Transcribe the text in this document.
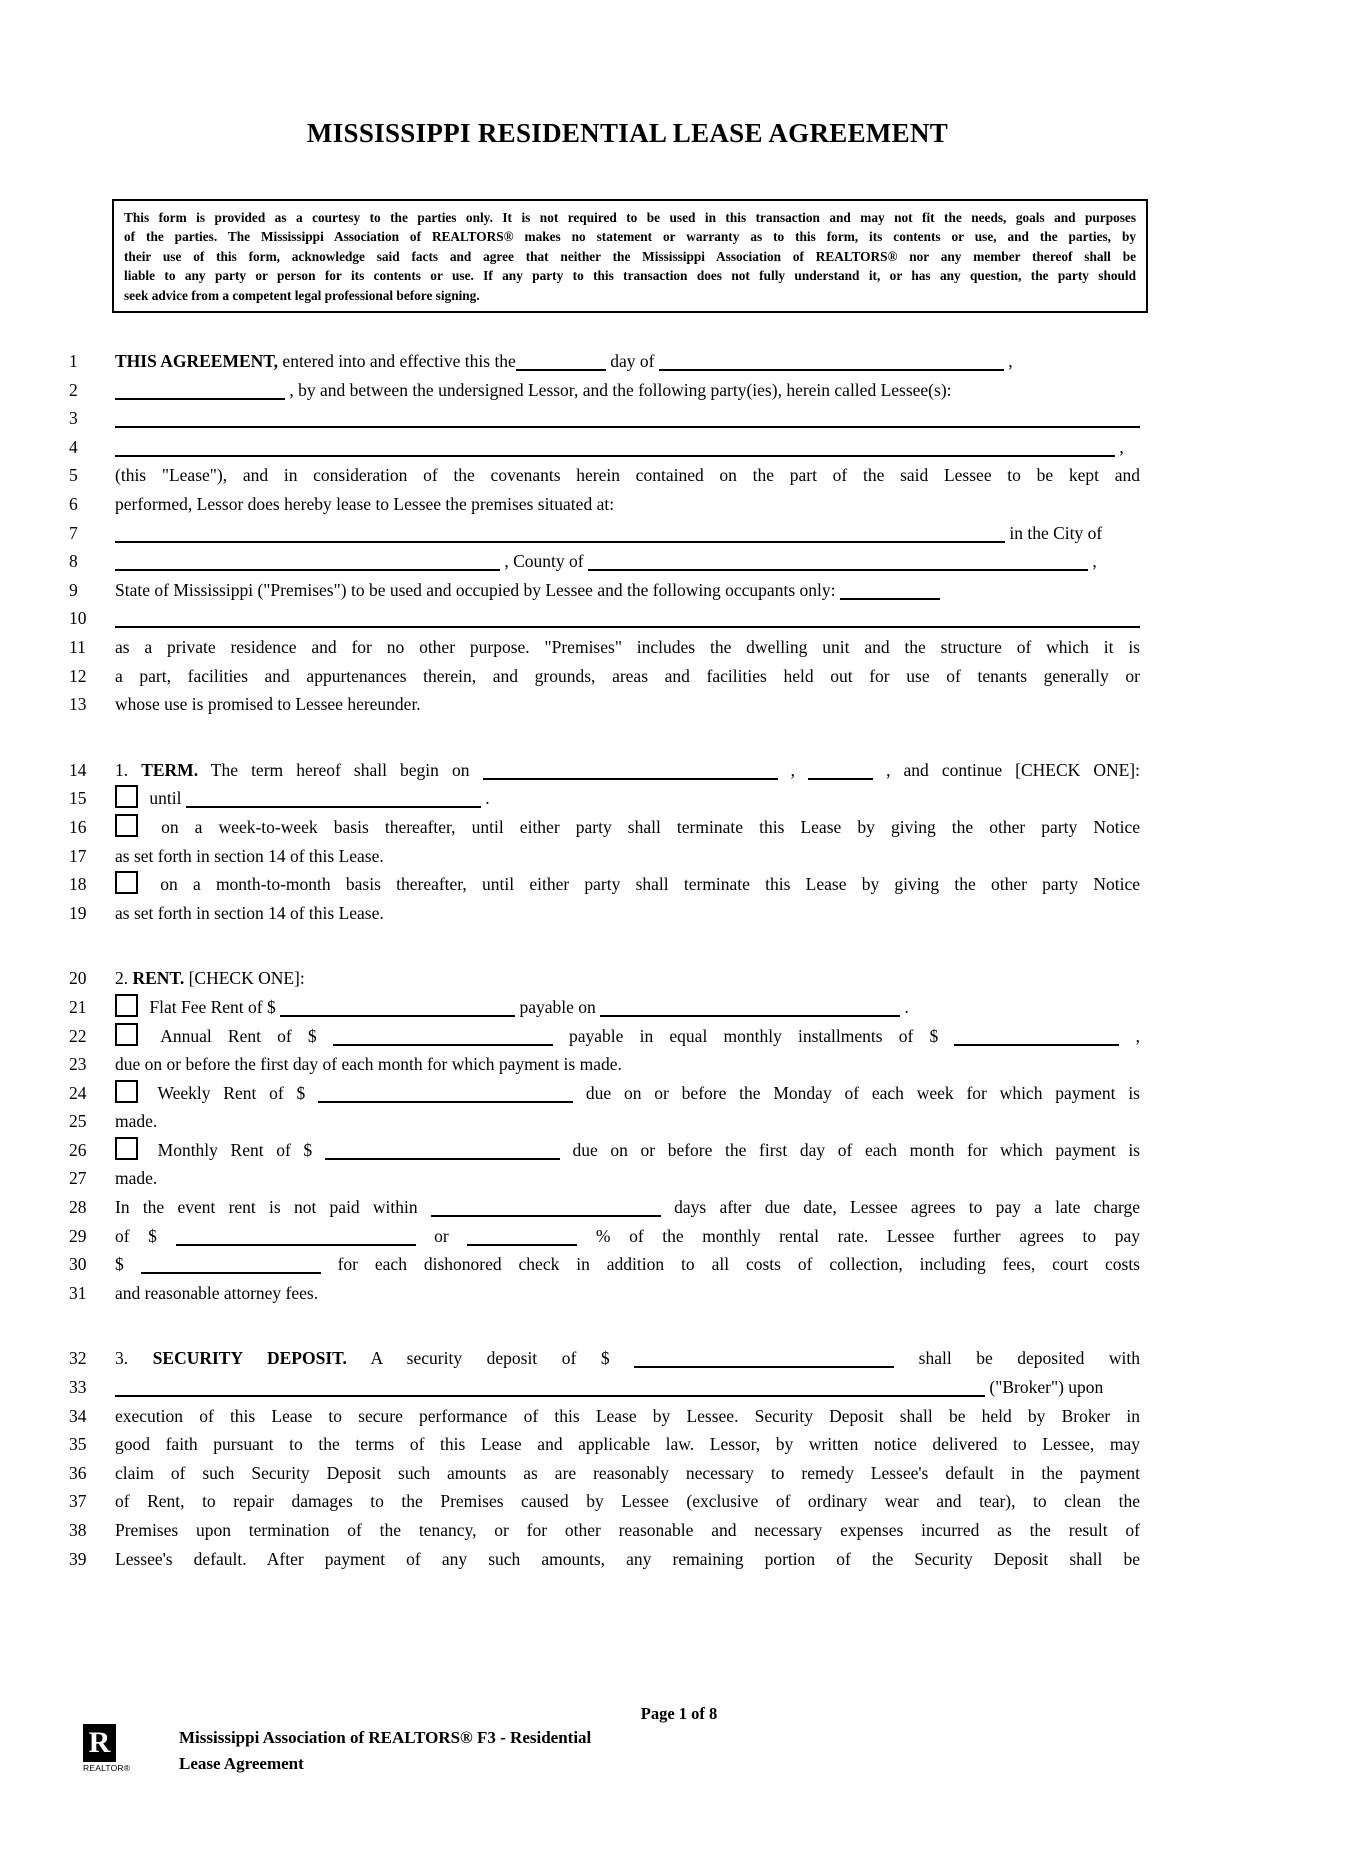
MISSISSIPPI RESIDENTIAL LEASE AGREEMENT
This form is provided as a courtesy to the parties only. It is not required to be used in this transaction and may not fit the needs, goals and purposes
of the parties. The Mississippi Association of REALTORS® makes no statement or warranty as to this form, its contents or use, and the parties, by
their use of this form, acknowledge said facts and agree that neither the Mississippi Association of REALTORS® nor any member thereof shall be
liable to any party or person for its contents or use. If any party to this transaction does not fully understand it, or has any question, the party should
seek advice from a competent legal professional before signing.
1	THIS AGREEMENT, entered into and effective this the	day of	,
2	, by and between the undersigned Lessor, and the following party(ies), herein called Lessee(s):
3
4	,
5	(this "Lease"), and in consideration of the covenants herein contained on the part of the said Lessee to be kept and
6	performed, Lessor does hereby lease to Lessee the premises situated at:
7	in the City of
8	, County of	,
9	State of Mississippi ("Premises") to be used and occupied by Lessee and the following occupants only:
10
11	as a private residence and for no other purpose. "Premises" includes the dwelling unit and the structure of which it is
12	a part, facilities and appurtenances therein, and grounds, areas and facilities held out for use of tenants generally or
13	whose use is promised to Lessee hereunder.
14	1. TERM. The term hereof shall begin on	,	, and continue [CHECK ONE]:
15	until	.
16	on a week-to-week basis thereafter, until either party shall terminate this Lease by giving the other party Notice
17	as set forth in section 14 of this Lease.
18	on a month-to-month basis thereafter, until either party shall terminate this Lease by giving the other party Notice
19	as set forth in section 14 of this Lease.
20	2. RENT. [CHECK ONE]:
21	Flat Fee Rent of $	payable on	.
22	Annual Rent of $	payable in equal monthly installments of $	,
23	due on or before the first day of each month for which payment is made.
24	Weekly Rent of $	due on or before the Monday of each week for which payment is
25	made.
26	Monthly Rent of $	due on or before the first day of each month for which payment is
27	made.
28	In the event rent is not paid within	days after due date, Lessee agrees to pay a late charge
29	of $	or	% of the monthly rental rate. Lessee further agrees to pay
30	$	for each dishonored check in addition to all costs of collection, including fees, court costs
31	and reasonable attorney fees.
32	3. SECURITY DEPOSIT. A security deposit of $	shall be deposited with
33	("Broker") upon
34	execution of this Lease to secure performance of this Lease by Lessee. Security Deposit shall be held by Broker in
35	good faith pursuant to the terms of this Lease and applicable law. Lessor, by written notice delivered to Lessee, may
36	claim of such Security Deposit such amounts as are reasonably necessary to remedy Lessee's default in the payment
37	of Rent, to repair damages to the Premises caused by Lessee (exclusive of ordinary wear and tear), to clean the
38	Premises upon termination of the tenancy, or for other reasonable and necessary expenses incurred as the result of
39	Lessee's default. After payment of any such amounts, any remaining portion of the Security Deposit shall be
Page 1 of 8
R
REALTOR®
Mississippi Association of REALTORS® F3 - Residential
Lease Agreement
